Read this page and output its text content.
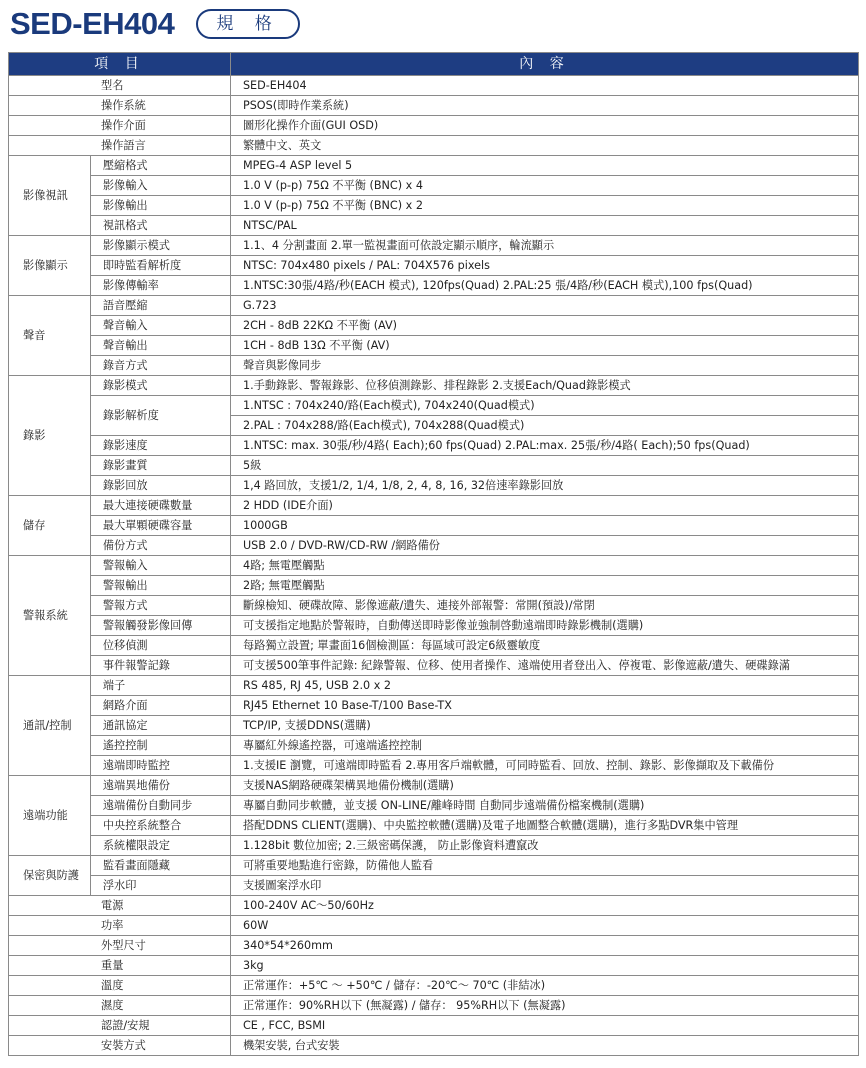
SED-EH404	規 格
項 目		內 容
型名		SED-EH404
操作系統		PSOS(即時作業系統)
操作介面		圖形化操作介面(GUI OSD)
操作語言		繁體中文、英文
影像視訊	壓縮格式	MPEG-4 ASP level 5
	影像輸入	1.0 V (p-p) 75Ω 不平衡 (BNC) x 4
	影像輸出	1.0 V (p-p) 75Ω 不平衡 (BNC) x 2
	視訊格式	NTSC/PAL
影像顯示	影像顯示模式	1.1、4 分割畫面 2.單一監視畫面可依設定顯示順序，輪流顯示
	即時監看解析度	NTSC: 704x480 pixels / PAL: 704X576 pixels
	影像傳輸率	1.NTSC:30張/4路/秒(EACH 模式), 120fps(Quad) 2.PAL:25 張/4路/秒(EACH 模式),100 fps(Quad)
聲音	語音壓縮	G.723
	聲音輸入	2CH - 8dB 22KΩ 不平衡 (AV)
	聲音輸出	1CH - 8dB 13Ω 不平衡 (AV)
	錄音方式	聲音與影像同步
錄影	錄影模式	1.手動錄影、警報錄影、位移偵測錄影、排程錄影 2.支援Each/Quad錄影模式
	錄影解析度	1.NTSC : 704x240/路(Each模式), 704x240(Quad模式)
		2.PAL : 704x288/路(Each模式), 704x288(Quad模式)
	錄影速度	1.NTSC: max. 30張/秒/4路( Each);60 fps(Quad) 2.PAL:max. 25張/秒/4路( Each);50 fps(Quad)
	錄影畫質	5級
	錄影回放	1,4 路回放，支援1/2, 1/4, 1/8, 2, 4, 8, 16, 32倍速率錄影回放
儲存	最大連接硬碟數量	2 HDD (IDE介面)
	最大單顆硬碟容量	1000GB
	備份方式	USB 2.0 / DVD-RW/CD-RW /網路備份
警報系統	警報輸入	4路; 無電壓觸點
	警報輸出	2路; 無電壓觸點
	警報方式	斷線檢知、硬碟故障、影像遮蔽/遺失、連接外部報警：常開(預設)/常閉
	警報觸發影像回傳	可支援指定地點於警報時，自動傳送即時影像並強制啓動遠端即時錄影機制(選購)
	位移偵測	每路獨立設置; 單畫面16個檢測區：每區域可設定6級靈敏度
	事件報警記錄	可支援500筆事件記錄: 紀錄警報、位移、使用者操作、遠端使用者登出入、停複電、影像遮蔽/遺失、硬碟錄滿
通訊/控制	端子	RS 485, RJ 45, USB 2.0 x 2
	網路介面	RJ45 Ethernet 10 Base-T/100 Base-TX
	通訊協定	TCP/IP, 支援DDNS(選購)
	遙控控制	專屬紅外線遙控器，可遠端遙控控制
	遠端即時監控	1.支援IE 瀏覽，可遠端即時監看 2.專用客戶端軟體，可同時監看、回放、控制、錄影、影像擷取及下載備份
遠端功能	遠端異地備份	支援NAS網路硬碟架構異地備份機制(選購)
	遠端備份自動同步	專屬自動同步軟體，並支援 ON-LINE/離峰時間 自動同步遠端備份檔案機制(選購)
	中央控系統整合	搭配DDNS CLIENT(選購)、中央監控軟體(選購)及電子地圖整合軟體(選購)，進行多點DVR集中管理
	系統權限設定	1.128bit 數位加密; 2.三級密碼保護， 防止影像資料遭竄改
保密與防護	監看畫面隱藏	可將重要地點進行密錄，防備他人監看
	浮水印	支援圖案浮水印
電源		100-240V AC～50/60Hz
功率		60W
外型尺寸		340*54*260mm
重量		3kg
溫度		正常運作：+5℃ ～ +50℃ / 儲存：-20℃～ 70℃ (非結冰)
濕度		正常運作：90%RH以下 (無凝露) / 儲存： 95%RH以下 (無凝露)
認證/安規		CE , FCC, BSMI
安裝方式		機架安裝, 台式安裝
